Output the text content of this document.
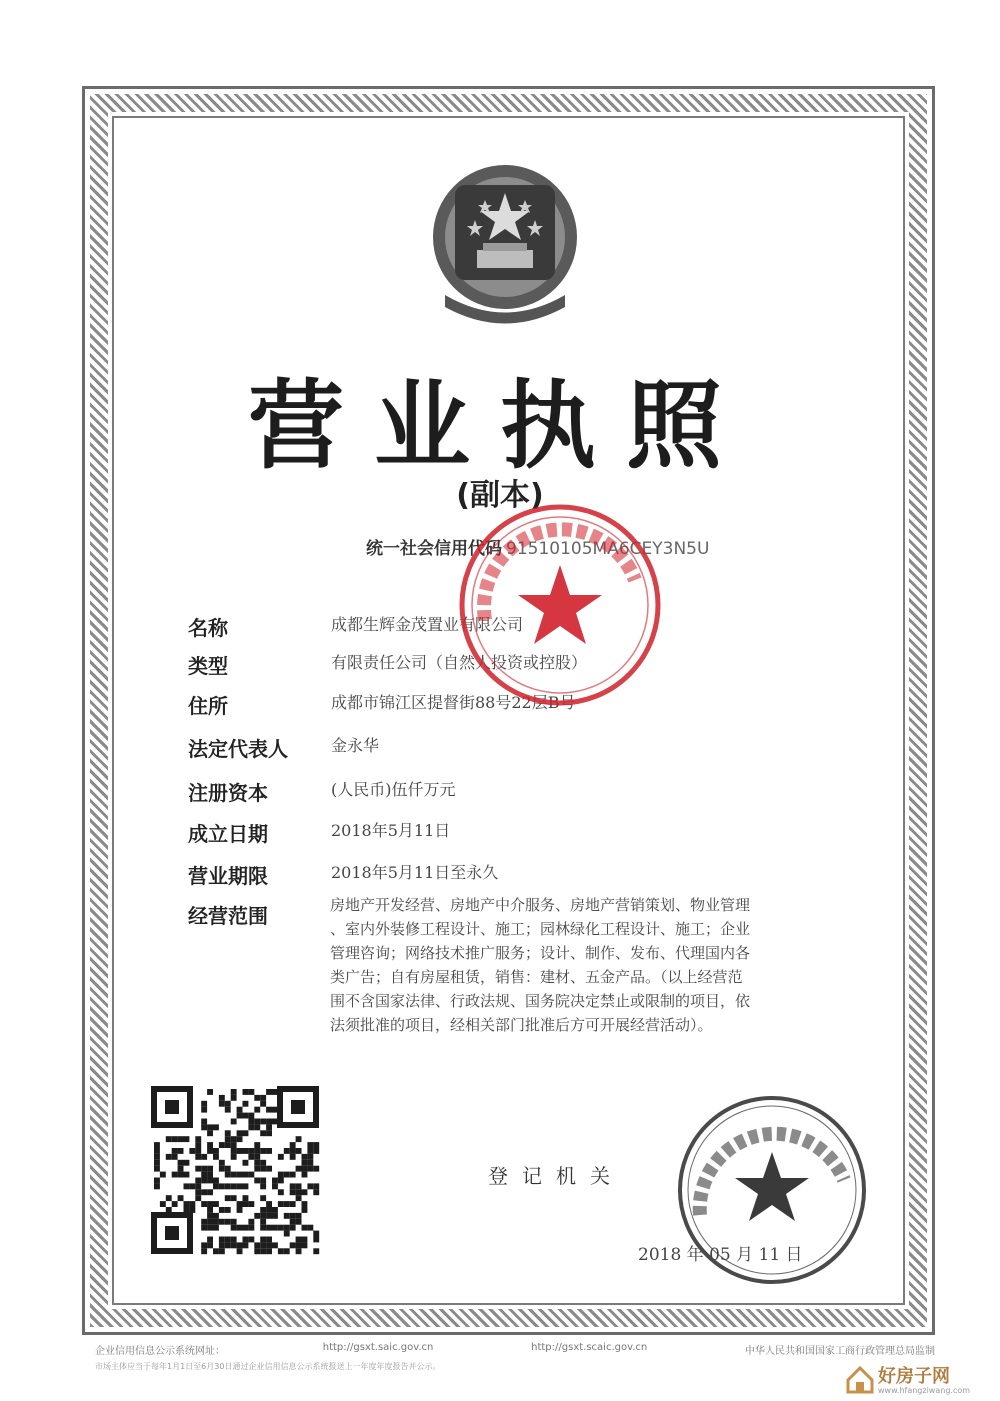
营业执照
(副本)
统一社会信用代码 91510105MA6CEY3N5U
名称	成都生辉金茂置业有限公司
类型	有限责任公司（自然人投资或控股）
住所	成都市锦江区提督街88号22层B号
法定代表人	金永华
注册资本	(人民币)伍仟万元
成立日期	2018年5月11日
营业期限	2018年5月11日至永久
经营范围	房地产开发经营、房地产中介服务、房地产营销策划、物业管理
、室内外装修工程设计、施工；园林绿化工程设计、施工；企业
管理咨询；网络技术推广服务；设计、制作、发布、代理国内各
类广告；自有房屋租赁，销售：建材、五金产品。（以上经营范
围不含国家法律、行政法规、国务院决定禁止或限制的项目，依
法须批准的项目，经相关部门批准后方可开展经营活动）。
登记机关
2018 年 05 月 11 日
企业信用信息公示系统网址：	http://gsxt.saic.gov.cn	http://gsxt.scaic.gov.cn	中华人民共和国国家工商行政管理总局监制
市场主体应当于每年1月1日至6月30日通过企业信用信息公示系统报送上一年度年度报告并公示。	好房子网
www.hfangziwang.com
